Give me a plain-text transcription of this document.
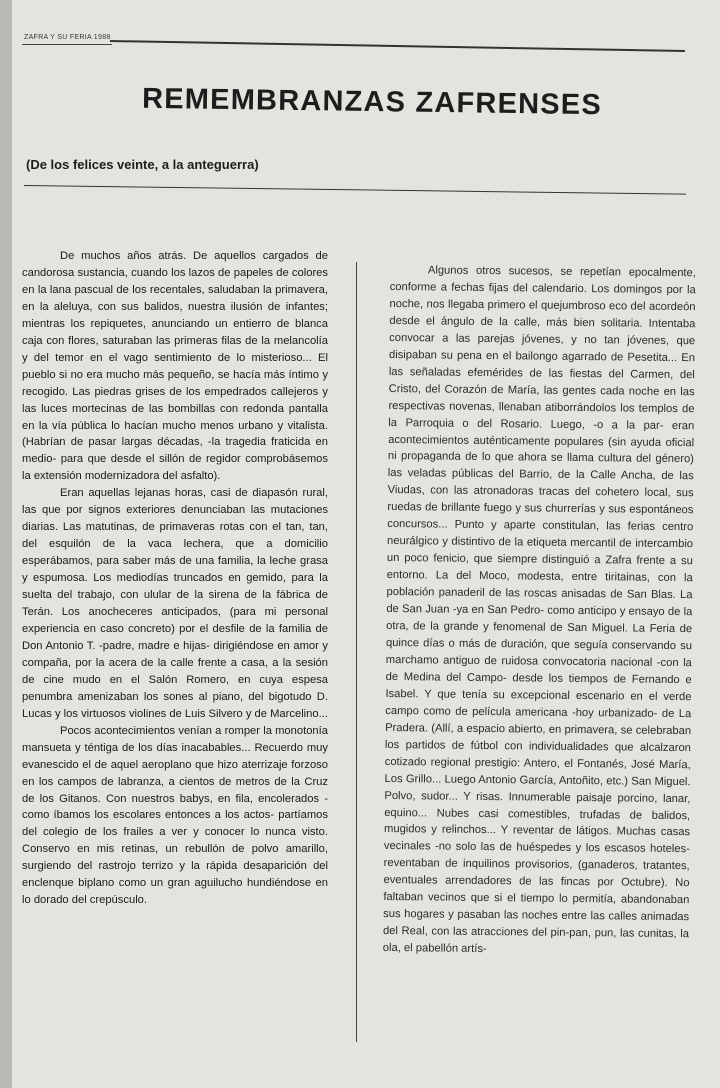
ZAFRA Y SU FERIA 1988
REMEMBRANZAS ZAFRENSES
(De los felices veinte, a la anteguerra)

De muchos años atrás. De aquellos cargados de candorosa sustancia, cuando los lazos de papeles de colores en la lana pascual de los recentales, saludaban la primavera, en la aleluya, con sus balidos, nuestra ilusión de infantes; mientras los repiquetes, anunciando un entierro de blanca caja con flores, saturaban las primeras filas de la melancolía y del temor en el vago sentimiento de lo misterioso... El pueblo si no era mucho más pequeño, se hacía más íntimo y recogido. Las piedras grises de los empedrados callejeros y las luces mortecinas de las bombillas con redonda pantalla en la vía pública lo hacían mucho menos urbano y vitalista. (Habrían de pasar largas décadas, -la tragedia fraticida en medio- para que desde el sillón de regidor comprobásemos la extensión modernizadora del asfalto).

Eran aquellas lejanas horas, casi de diapasón rural, las que por signos exteriores denunciaban las mutaciones diarias. Las matutinas, de primaveras rotas con el tan, tan, del esquilón de la vaca lechera, que a domicilio esperábamos, para saber más de una familia, la leche grasa y espumosa. Los mediodías truncados en gemido, para la suelta del trabajo, con ulular de la sirena de la fábrica de Terán. Los anocheceres anticipados, (para mi personal experiencia en caso concreto) por el desfile de la familia de Don Antonio T. -padre, madre e hijas- dirigiéndose en amor y compaña, por la acera de la calle frente a casa, a la sesión de cine mudo en el Salón Romero, en cuya espesa penumbra amenizaban los sones al piano, del bigotudo D. Lucas y los virtuosos violines de Luis Silvero y de Marcelino...

Pocos acontecimientos venían a romper la monotonía mansueta y téntiga de los días inacabables... Recuerdo muy evanescido el de aquel aeroplano que hizo aterrizaje forzoso en los campos de labranza, a cientos de metros de la Cruz de los Gitanos. Con nuestros babys, en fila, encolerados -como íbamos los escolares entonces a los actos- partíamos del colegio de los frailes a ver y conocer lo nunca visto. Conservo en mis retinas, un rebullón de polvo amarillo, surgiendo del rastrojo terrizo y la rápida desaparición del enclenque biplano como un gran aguilucho hundiéndose en lo dorado del crepúsculo.

Algunos otros sucesos, se repetían epocalmente, conforme a fechas fijas del calendario. Los domingos por la noche, nos llegaba primero el quejumbroso eco del acordeón desde el ángulo de la calle, más bien solitaria. Intentaba convocar a las parejas jóvenes, y no tan jóvenes, que disipaban su pena en el bailongo agarrado de Pesetita... En las señaladas efemérides de las fiestas del Carmen, del Cristo, del Corazón de María, las gentes cada noche en las respectivas novenas, llenaban atiborrándolos los templos de la Parroquia o del Rosario. Luego, -o a la par- eran acontecimientos auténticamente populares (sin ayuda oficial ni propaganda de lo que ahora se llama cultura del género) las veladas públicas del Barrio, de la Calle Ancha, de las Viudas, con las atronadoras tracas del cohetero local, sus ruedas de brillante fuego y sus churrerías y sus espontáneos concursos... Punto y aparte constitulan, las ferias centro neurálgico y distintivo de la etiqueta mercantil de intercambio un poco fenicio, que siempre distinguió a Zafra frente a su entorno. La del Moco, modesta, entre tiritainas, con la población panaderil de las roscas anisadas de San Blas. La de San Juan -ya en San Pedro- como anticipo y ensayo de la otra, de la grande y fenomenal de San Miguel. La Feria de quince días o más de duración, que seguía conservando su marchamo antiguo de ruidosa convocatoria nacional -con la de Medina del Campo- desde los tiempos de Fernando e Isabel. Y que tenía su excepcional escenario en el verde campo como de película americana -hoy urbanizado- de La Pradera. (Allí, a espacio abierto, en primavera, se celebraban los partidos de fútbol con individualidades que alcalzaron cotizado regional prestigio: Antero, el Fontanés, José María, Los Grillo... Luego Antonio García, Antoñito, etc.) San Miguel. Polvo, sudor... Y risas. Innumerable paisaje porcino, lanar, equino... Nubes casi comestibles, trufadas de balidos, mugidos y relinchos... Y reventar de látigos. Muchas casas vecinales -no solo las de huéspedes y los escasos hoteles- reventaban de inquilinos provisorios, (ganaderos, tratantes, eventuales arrendadores de las fincas por Octubre). No faltaban vecinos que si el tiempo lo permitía, abandonaban sus hogares y pasaban las noches entre las calles animadas del Real, con las atracciones del pin-pan, pun, las cunitas, la ola, el pabellón artís-
